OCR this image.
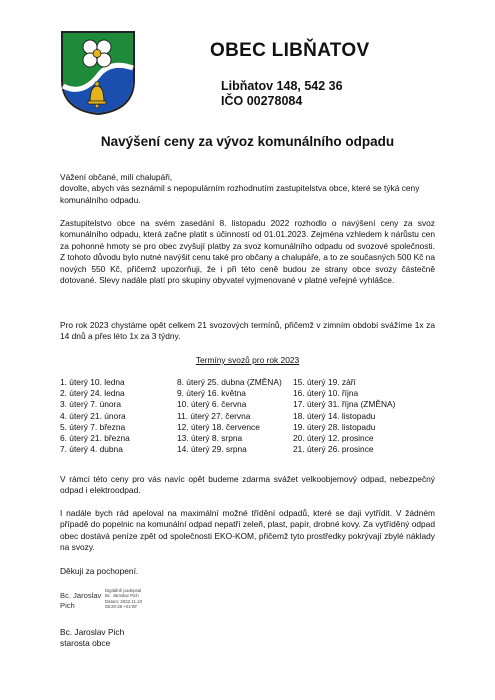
OBEC LIBŇATOV
Libňatov 148, 542 36
IČO 00278084
Navýšení ceny za vývoz komunálního odpadu
Vážení občané, milí chalupáři,
dovolte, abych vás seznámil s nepopulárním rozhodnutím zastupitelstva obce, které se týká ceny komunálního odpadu.
Zastupitelstvo obce na svém zasedání 8. listopadu 2022 rozhodlo o navýšení ceny za svoz komunálního odpadu, která začne platit s účinností od 01.01.2023. Zejména vzhledem k nárůstu cen za pohonné hmoty se pro obec zvyšují platby za svoz komunálního odpadu od svozové společnosti. Z tohoto důvodu bylo nutné navýšit cenu také pro občany a chalupáře, a to ze současných 500 Kč na nových 550 Kč, přičemž upozorňuji, že i při této ceně budou ze strany obce svozy částečně dotované. Slevy nadále platí pro skupiny obyvatel vyjmenované v platné veřejné vyhlášce.
Pro rok 2023 chystáme opět celkem 21 svozových termínů, přičemž v zimním období svážíme 1x za 14 dnů a přes léto 1x za 3 týdny.
Termíny svozů pro rok 2023
1. úterý 10. ledna
2. úterý 24. ledna
3. úterý 7. února
4. úterý 21. února
5. úterý 7. března
6. úterý 21. března
7. úterý 4. dubna
8. úterý 25. dubna (ZMĚNA)
9. úterý 16. května
10. úterý 6. června
11. úterý 27. června
12. úterý 18. července
13. úterý 8. srpna
14. úterý 29. srpna
15. úterý 19. září
16. úterý 10. října
17. úterý 31. října (ZMĚNA)
18. úterý 14. listopadu
19. úterý 28. listopadu
20. úterý 12. prosince
21. úterý 26. prosince
V rámci této ceny pro vás navíc opět budeme zdarma svážet velkoobjemový odpad, nebezpečný odpad i elektroodpad.
I nadále bych rád apeloval na maximální možné třídění odpadů, které se daji vytřídit. V žádném případě do popelnic na komunální odpad nepatří zeleň, plast, papír, drobné kovy. Za vytříděný odpad obec dostává peníze zpět od společnosti EKO-KOM, přičemž tyto prostředky pokrývají zbylé náklady na svozy.
Děkuji za pochopení.
Bc. Jaroslav
Pich
Digitálně podepsal
Bc. Jaroslav Pich
Datum: 2022.11.10
08:20:48 +01'00'
Bc. Jaroslav Pich
starosta obce
